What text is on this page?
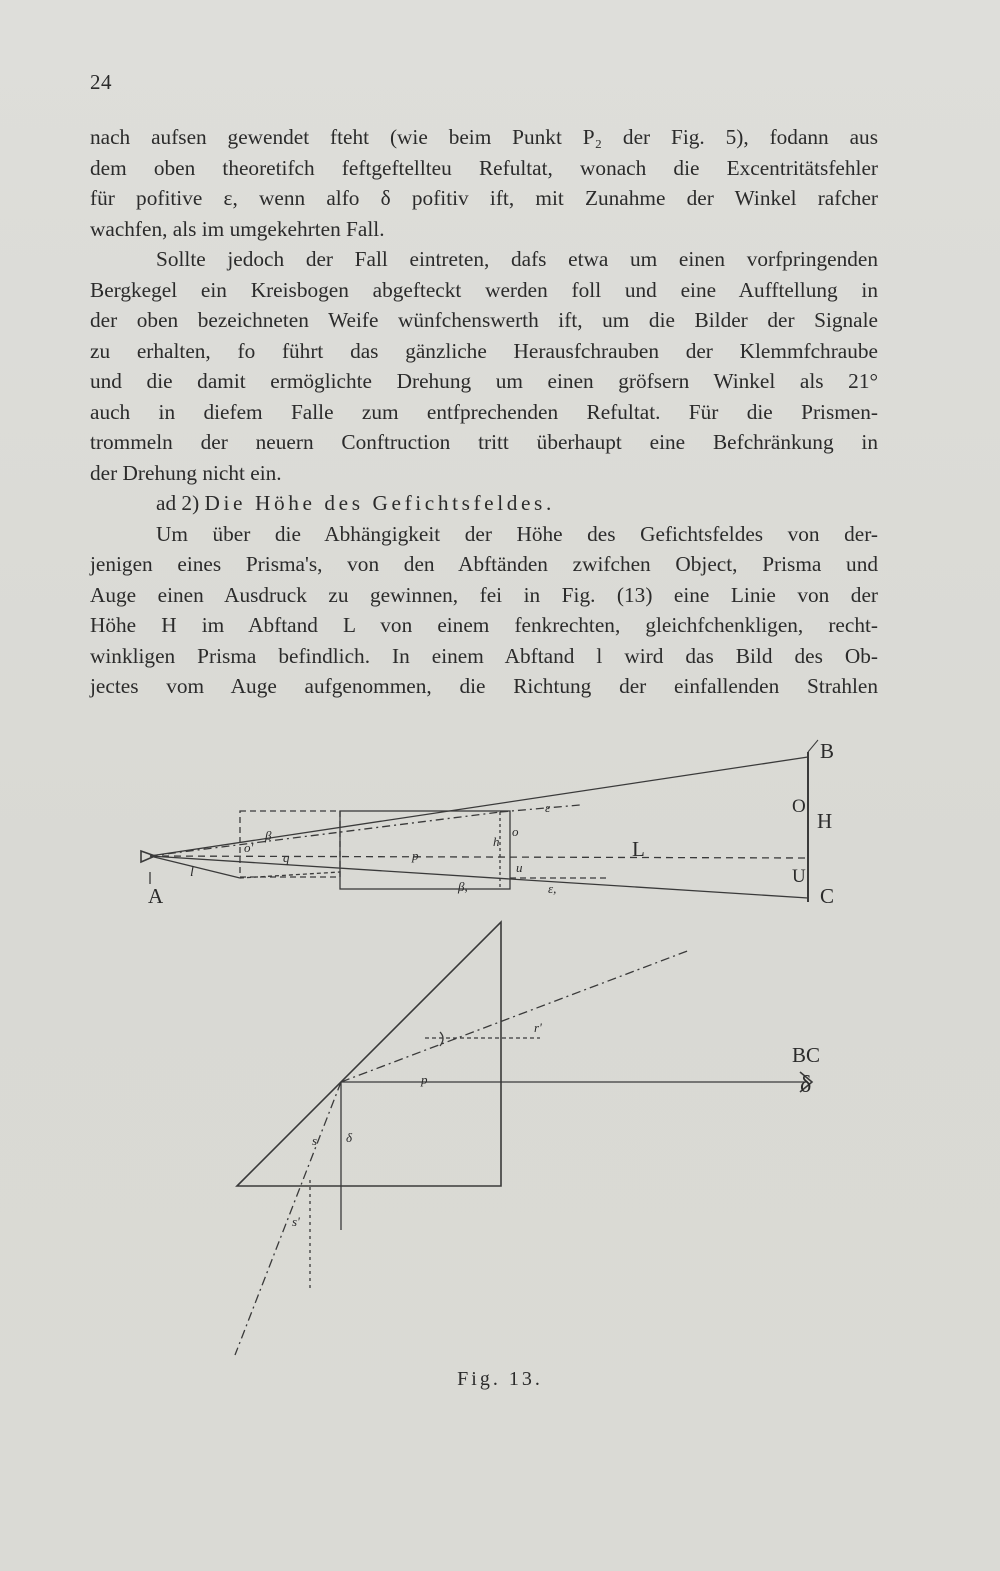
24
nach aufsen gewendet fteht (wie beim Punkt P₂ der Fig. 5), fodann aus
dem oben theoretifch feftgeftelltеu Refultat, wonach die Excentritätsfehler
für pofitive ε, wenn alfo δ pofitiv ift, mit Zunahme der Winkel rafcher
wachfen, als im umgekehrten Fall.
Sollte jedoch der Fall eintreten, dafs etwa um einen vorfpringenden
Bergkegel ein Kreisbogen abgefteckt werden foll und eine Aufftellung in
der oben bezeichneten Weife wünfchenswerth ift, um die Bilder der Signale
zu erhalten, fo führt das gänzliche Herausfchrauben der Klemmfchraube
und die damit ermöglichte Drehung um einen gröfsern Winkel als 21°
auch in diefem Falle zum entfprechenden Refultat. Für die Prismen-
trommeln der neuern Conftruction tritt überhaupt eine Befchränkung in
der Drehung nicht ein.
ad 2) Die Höhe des Gefichtsfeldes.
Um über die Abhängigkeit der Höhe des Gefichtsfeldes von der-
jenigen eines Prisma's, von den Abftänden zwifchen Object, Prisma und
Auge einen Ausdruck zu gewinnen, fei in Fig. (13) eine Linie von der
Höhe H im Abftand L von einem fenkrechten, gleichfchenkligen, recht-
winkligen Prisma befindlich. In einem Abftand l wird das Bild des Ob-
jectes vom Auge aufgenommen, die Richtung der einfallenden Strahlen
A
B
C
H
O
U
L
BC
δ
l
h
o
u
ε
ε,
β
β,
p
q
o'
r'
p
s
s'
δ
Fig. 13.
